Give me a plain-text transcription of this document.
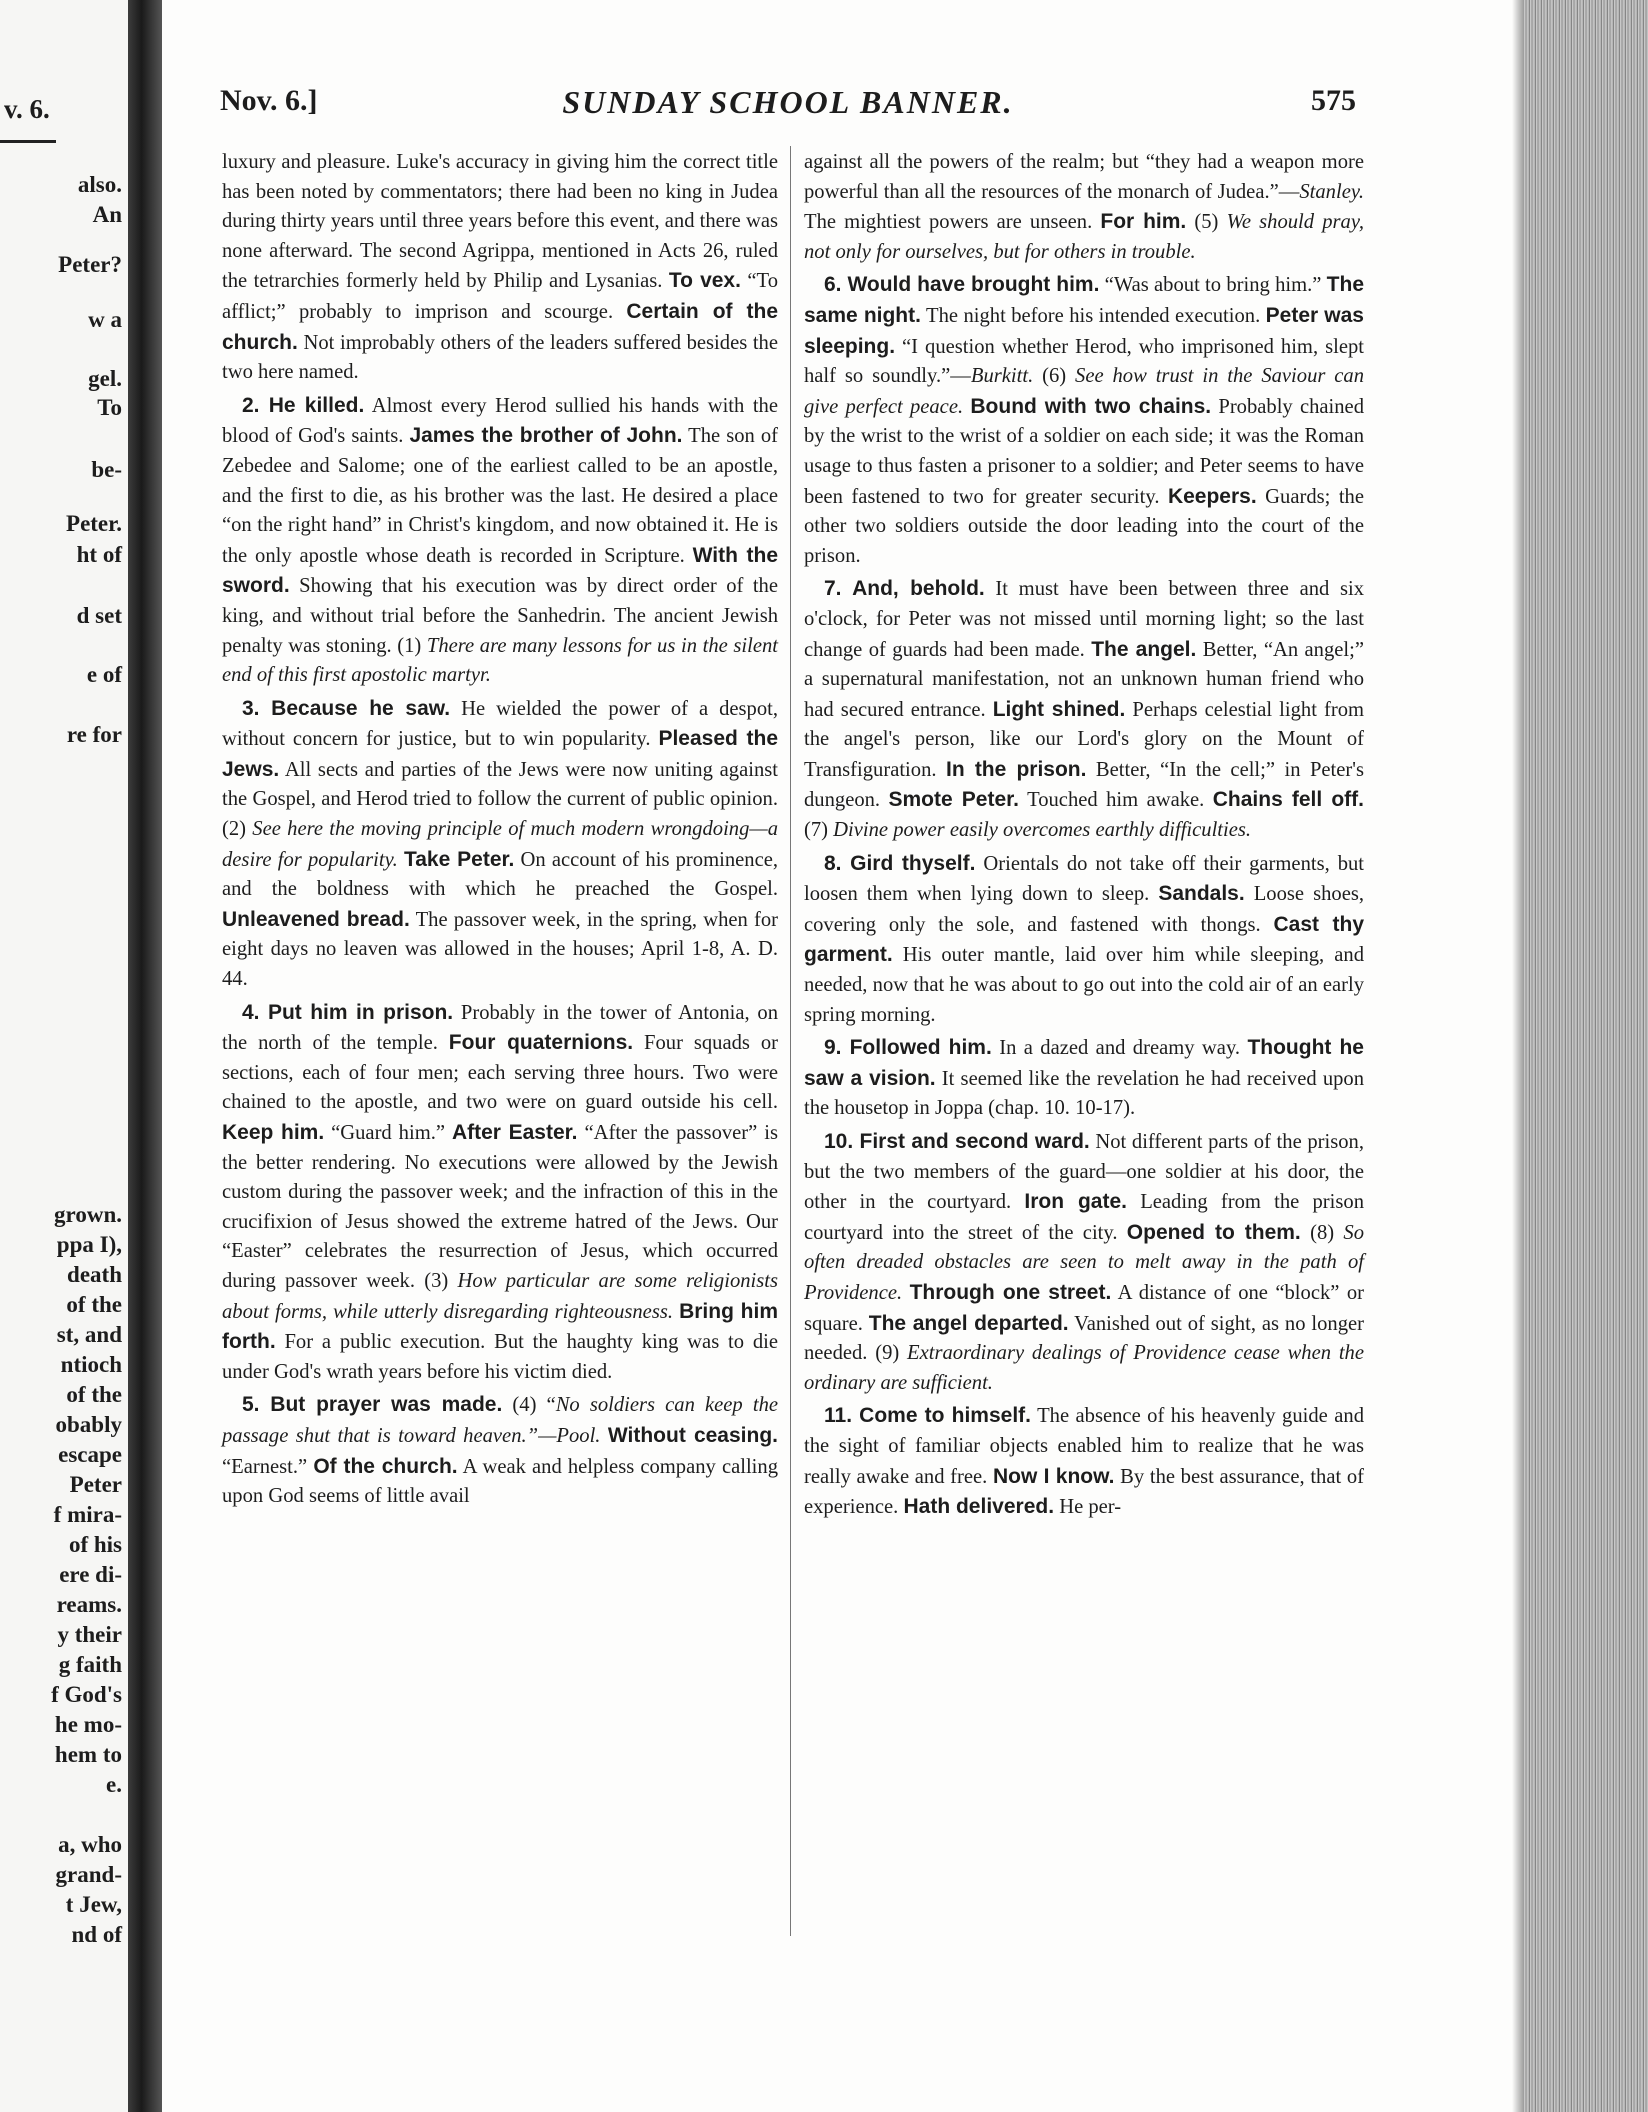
v. 6.
also.
An
Peter?
w a
gel.
To
be-
Peter.
ht of
d set
e of
re for
grown.
ppa I),
death
of the
st, and
ntioch
of the
obably
escape
Peter
f mira-
of his
ere di-
reams.
y their
g faith
f God's
he mo-
hem to
e.
a, who
grand-
t Jew,
nd of
Nov. 6.]	SUNDAY SCHOOL BANNER.	575

luxury and pleasure. Luke's accuracy in giving him the correct title has been noted by commentators; there had been no king in Judea during thirty years until three years before this event, and there was none afterward. The second Agrippa, mentioned in Acts 26, ruled the tetrarchies formerly held by Philip and Lysanias. To vex. “To afflict;” probably to imprison and scourge. Certain of the church. Not improbably others of the leaders suffered besides the two here named.

2. He killed. Almost every Herod sullied his hands with the blood of God's saints. James the brother of John. The son of Zebedee and Salome; one of the earliest called to be an apostle, and the first to die, as his brother was the last. He desired a place “on the right hand” in Christ's kingdom, and now obtained it. He is the only apostle whose death is recorded in Scripture. With the sword. Showing that his execution was by direct order of the king, and without trial before the Sanhedrin. The ancient Jewish penalty was stoning. (1) There are many lessons for us in the silent end of this first apostolic martyr.

3. Because he saw. He wielded the power of a despot, without concern for justice, but to win popularity. Pleased the Jews. All sects and parties of the Jews were now uniting against the Gospel, and Herod tried to follow the current of public opinion. (2) See here the moving principle of much modern wrongdoing—a desire for popularity. Take Peter. On account of his prominence, and the boldness with which he preached the Gospel. Unleavened bread. The passover week, in the spring, when for eight days no leaven was allowed in the houses; April 1-8, A. D. 44.

4. Put him in prison. Probably in the tower of Antonia, on the north of the temple. Four quaternions. Four squads or sections, each of four men; each serving three hours. Two were chained to the apostle, and two were on guard outside his cell. Keep him. “Guard him.” After Easter. “After the passover” is the better rendering. No executions were allowed by the Jewish custom during the passover week; and the infraction of this in the crucifixion of Jesus showed the extreme hatred of the Jews. Our “Easter” celebrates the resurrection of Jesus, which occurred during passover week. (3) How particular are some religionists about forms, while utterly disregarding righteousness. Bring him forth. For a public execution. But the haughty king was to die under God's wrath years before his victim died.

5. But prayer was made. (4) “No soldiers can keep the passage shut that is toward heaven.”—Pool. Without ceasing. “Earnest.” Of the church. A weak and helpless company calling upon God seems of little avail

against all the powers of the realm; but “they had a weapon more powerful than all the resources of the monarch of Judea.”—Stanley. The mightiest powers are unseen. For him. (5) We should pray, not only for ourselves, but for others in trouble.

6. Would have brought him. “Was about to bring him.” The same night. The night before his intended execution. Peter was sleeping. “I question whether Herod, who imprisoned him, slept half so soundly.”—Burkitt. (6) See how trust in the Saviour can give perfect peace. Bound with two chains. Probably chained by the wrist to the wrist of a soldier on each side; it was the Roman usage to thus fasten a prisoner to a soldier; and Peter seems to have been fastened to two for greater security. Keepers. Guards; the other two soldiers outside the door leading into the court of the prison.

7. And, behold. It must have been between three and six o'clock, for Peter was not missed until morning light; so the last change of guards had been made. The angel. Better, “An angel;” a supernatural manifestation, not an unknown human friend who had secured entrance. Light shined. Perhaps celestial light from the angel's person, like our Lord's glory on the Mount of Transfiguration. In the prison. Better, “In the cell;” in Peter's dungeon. Smote Peter. Touched him awake. Chains fell off. (7) Divine power easily overcomes earthly difficulties.

8. Gird thyself. Orientals do not take off their garments, but loosen them when lying down to sleep. Sandals. Loose shoes, covering only the sole, and fastened with thongs. Cast thy garment. His outer mantle, laid over him while sleeping, and needed, now that he was about to go out into the cold air of an early spring morning.

9. Followed him. In a dazed and dreamy way. Thought he saw a vision. It seemed like the revelation he had received upon the housetop in Joppa (chap. 10. 10-17).

10. First and second ward. Not different parts of the prison, but the two members of the guard—one soldier at his door, the other in the courtyard. Iron gate. Leading from the prison courtyard into the street of the city. Opened to them. (8) So often dreaded obstacles are seen to melt away in the path of Providence. Through one street. A distance of one “block” or square. The angel departed. Vanished out of sight, as no longer needed. (9) Extraordinary dealings of Providence cease when the ordinary are sufficient.

11. Come to himself. The absence of his heavenly guide and the sight of familiar objects enabled him to realize that he was really awake and free. Now I know. By the best assurance, that of experience. Hath delivered. He per-
